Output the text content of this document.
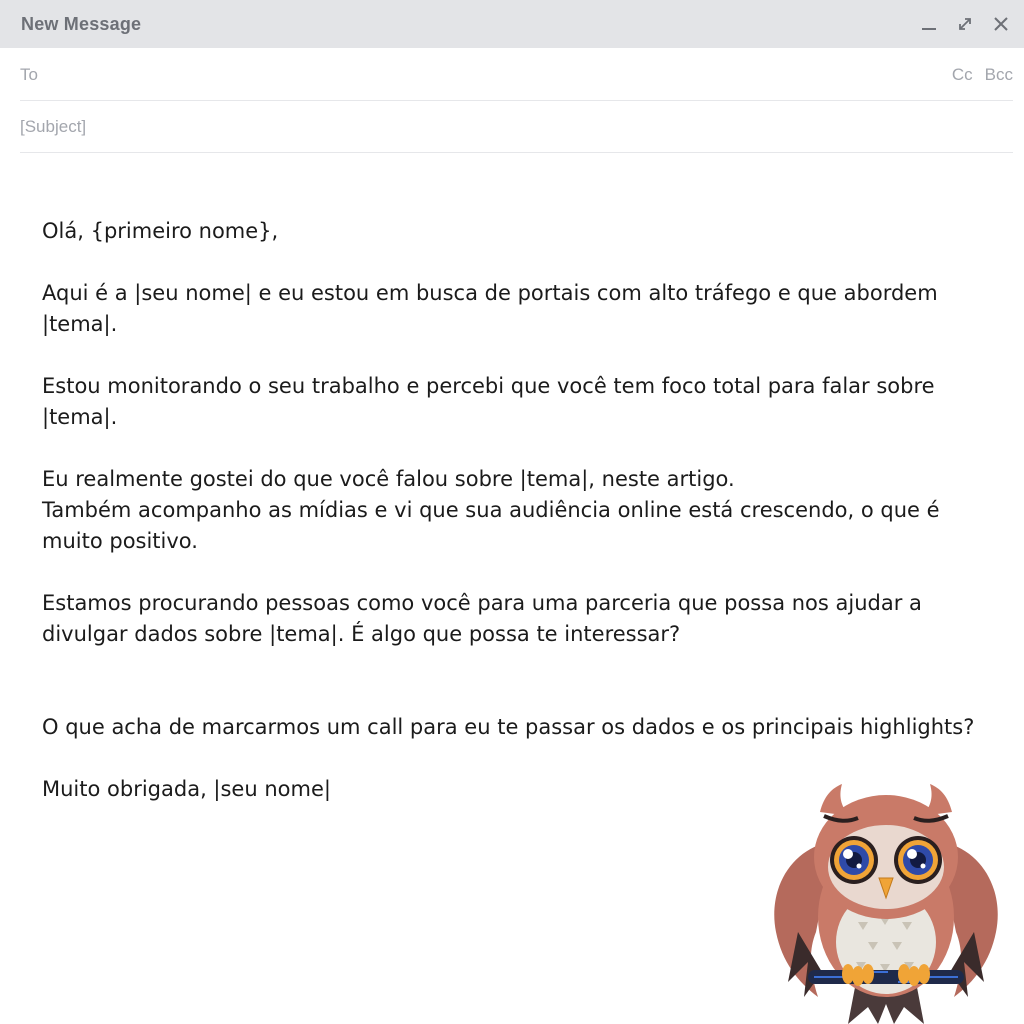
New Message
To
Cc Bcc
[Subject]

Olá, {primeiro nome},

Aqui é a |seu nome| e eu estou em busca de portais com alto tráfego e que abordem |tema|.

Estou monitorando o seu trabalho e percebi que você tem foco total para falar sobre |tema|.

Eu realmente gostei do que você falou sobre |tema|, neste artigo.

Também acompanho as mídias e vi que sua audiência online está crescendo, o que é muito positivo.

Estamos procurando pessoas como você para uma parceria que possa nos ajudar a divulgar dados sobre |tema|. É algo que possa te interessar?

O que acha de marcarmos um call para eu te passar os dados e os principais highlights?

Muito obrigada, |seu nome|
